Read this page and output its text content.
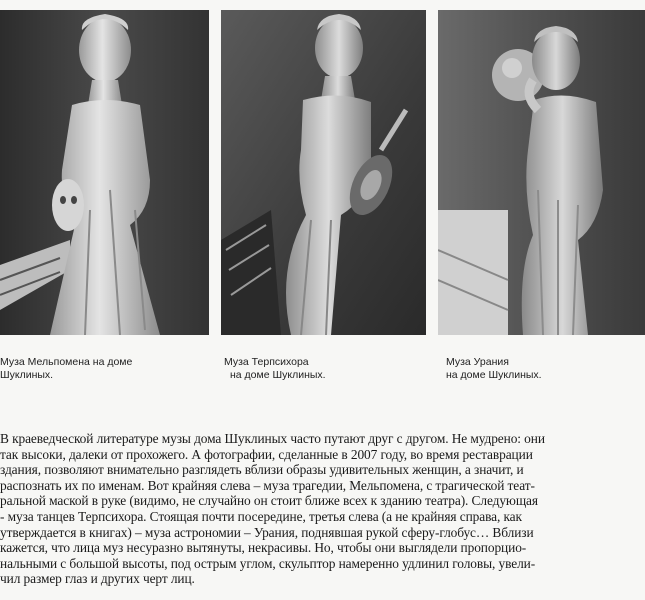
Муза Мельпомена на доме
Шуклиных.
Муза Терпсихора
на доме Шуклиных.
Муза Урания
на доме Шуклиных.
В краеведческой литературе музы дома Шуклиных часто путают друг с другом. Не мудрено: они
так высоки, далеки от прохожего. А фотографии, сделанные в 2007 году, во время реставрации
здания, позволяют внимательно разглядеть вблизи образы удивительных женщин, а значит, и
распознать их по именам. Вот крайняя слева – муза трагедии, Мельпомена, с трагической теат-
ральной маской в руке (видимо, не случайно он стоит ближе всех к зданию театра). Следующая
- муза танцев Терпсихора. Стоящая почти посередине, третья слева (а не крайняя справа, как
утверждается в книгах) – муза астрономии – Урания, поднявшая рукой сферу-глобус… Вблизи
кажется, что лица муз несуразно вытянуты, некрасивы. Но, чтобы они выглядели пропорцио-
нальными с большой высоты, под острым углом, скульптор намеренно удлинил головы, увели-
чил размер глаз и других черт лиц.
